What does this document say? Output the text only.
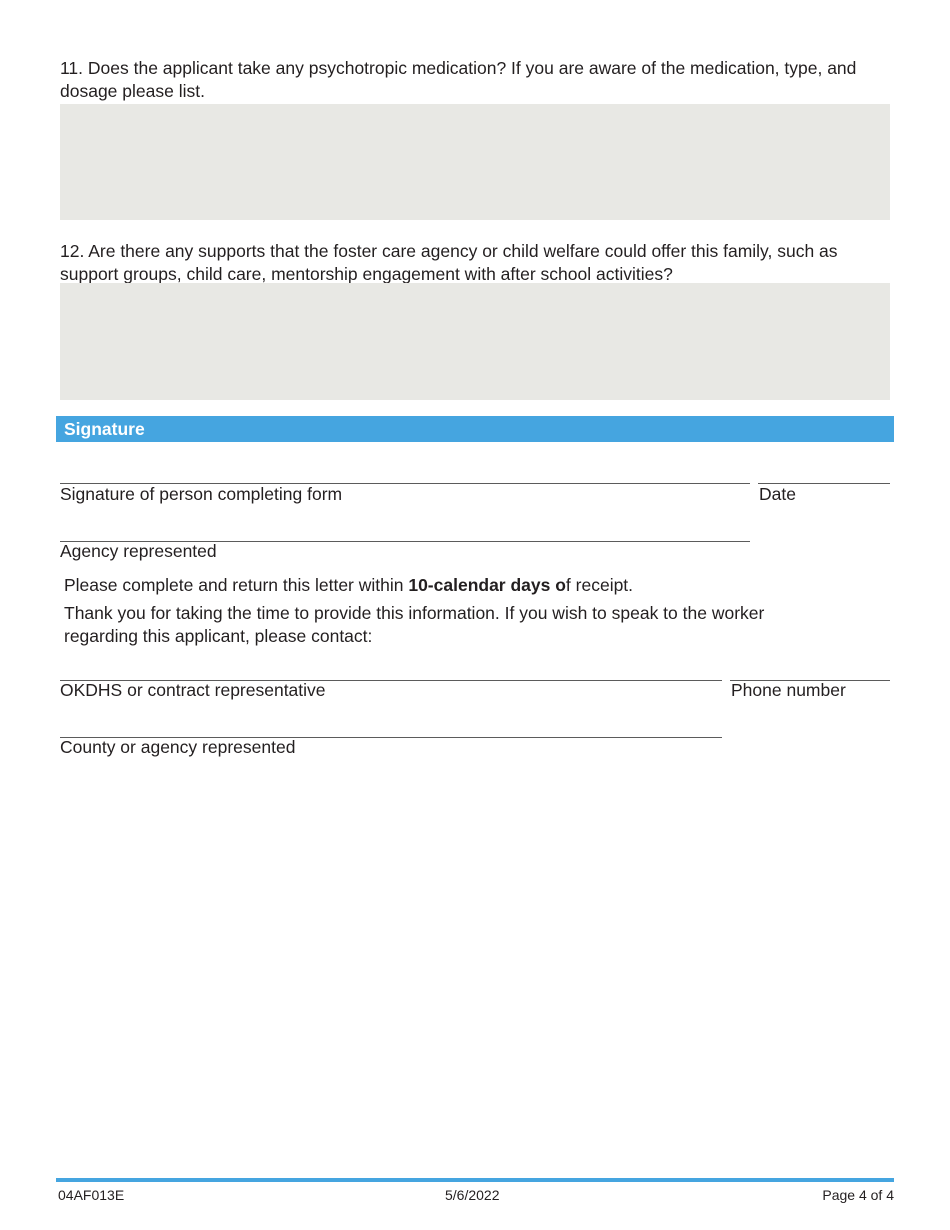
11. Does the applicant take any psychotropic medication? If you are aware of the medication, type, and dosage please list.

12. Are there any supports that the foster care agency or child welfare could offer this family, such as support groups, child care, mentorship engagement with after school activities?

Signature
Signature of person completing form	Date
Agency represented

Please complete and return this letter within 10-calendar days of receipt.

Thank you for taking the time to provide this information. If you wish to speak to the worker regarding this applicant, please contact:

OKDHS or contract representative	Phone number
County or agency represented
04AF013E	5/6/2022	Page 4 of 4
